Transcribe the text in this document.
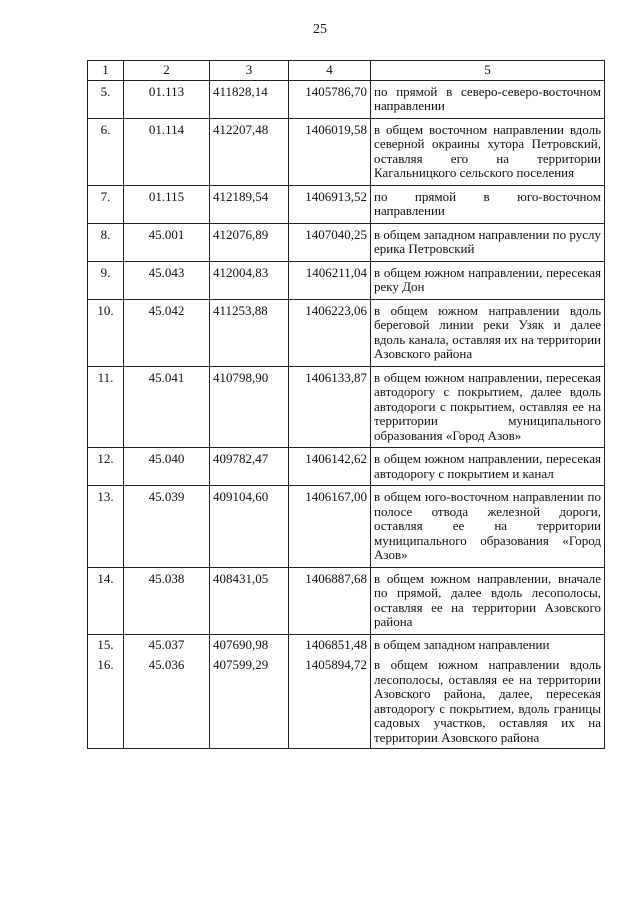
25
1	2	3	4	5
5.	01.113	411828,14	1405786,70	по прямой в северо-северо-восточном направлении
6.	01.114	412207,48	1406019,58	в общем восточном направлении вдоль северной окраины хутора Петровский, оставляя его на территории Кагальницкого сельского поселения
7.	01.115	412189,54	1406913,52	по прямой в юго-восточном направлении
8.	45.001	412076,89	1407040,25	в общем западном направлении по руслу ерика Петровский
9.	45.043	412004,83	1406211,04	в общем южном направлении, пересекая реку Дон
10.	45.042	411253,88	1406223,06	в общем южном направлении вдоль береговой линии реки Узяк и далее вдоль канала, оставляя их на территории Азовского района
11.	45.041	410798,90	1406133,87	в общем южном направлении, пересекая автодорогу с покрытием, далее вдоль автодороги с покрытием, оставляя ее на территории муниципального образования «Город Азов»
12.	45.040	409782,47	1406142,62	в общем южном направлении, пересекая автодорогу с покрытием и канал
13.	45.039	409104,60	1406167,00	в общем юго-восточном направлении по полосе отвода железной дороги, оставляя ее на территории муниципального образования «Город Азов»
14.	45.038	408431,05	1406887,68	в общем южном направлении, вначале по прямой, далее вдоль лесополосы, оставляя ее на территории Азовского района
15.	45.037	407690,98	1406851,48	в общем западном направлении
16.	45.036	407599,29	1405894,72	в общем южном направлении вдоль лесополосы, оставляя ее на территории Азовского района, далее, пересекая автодорогу с покрытием, вдоль границы садовых участков, оставляя их на территории Азовского района
